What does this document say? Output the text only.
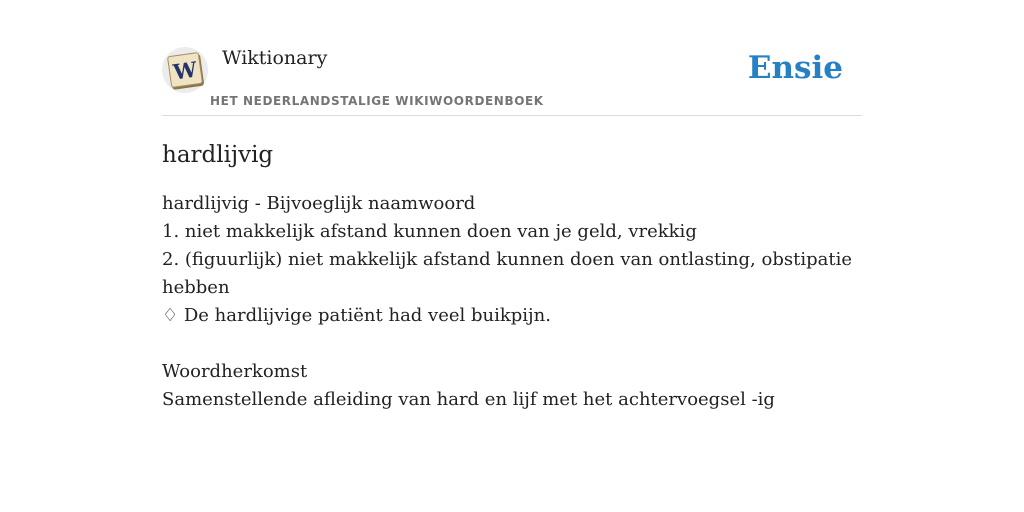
W Wiktionary
HET NEDERLANDSTALIGE WIKIWOORDENBOEK
Ensie
hardlijvig

hardlijvig - Bijvoeglijk naamwoord

1. niet makkelijk afstand kunnen doen van je geld, vrekkig

2. (figuurlijk) niet makkelijk afstand kunnen doen van ontlasting, obstipatie hebben

♢ De hardlijvige patiënt had veel buikpijn.

Woordherkomst

Samenstellende afleiding van hard en lijf met het achtervoegsel -ig
